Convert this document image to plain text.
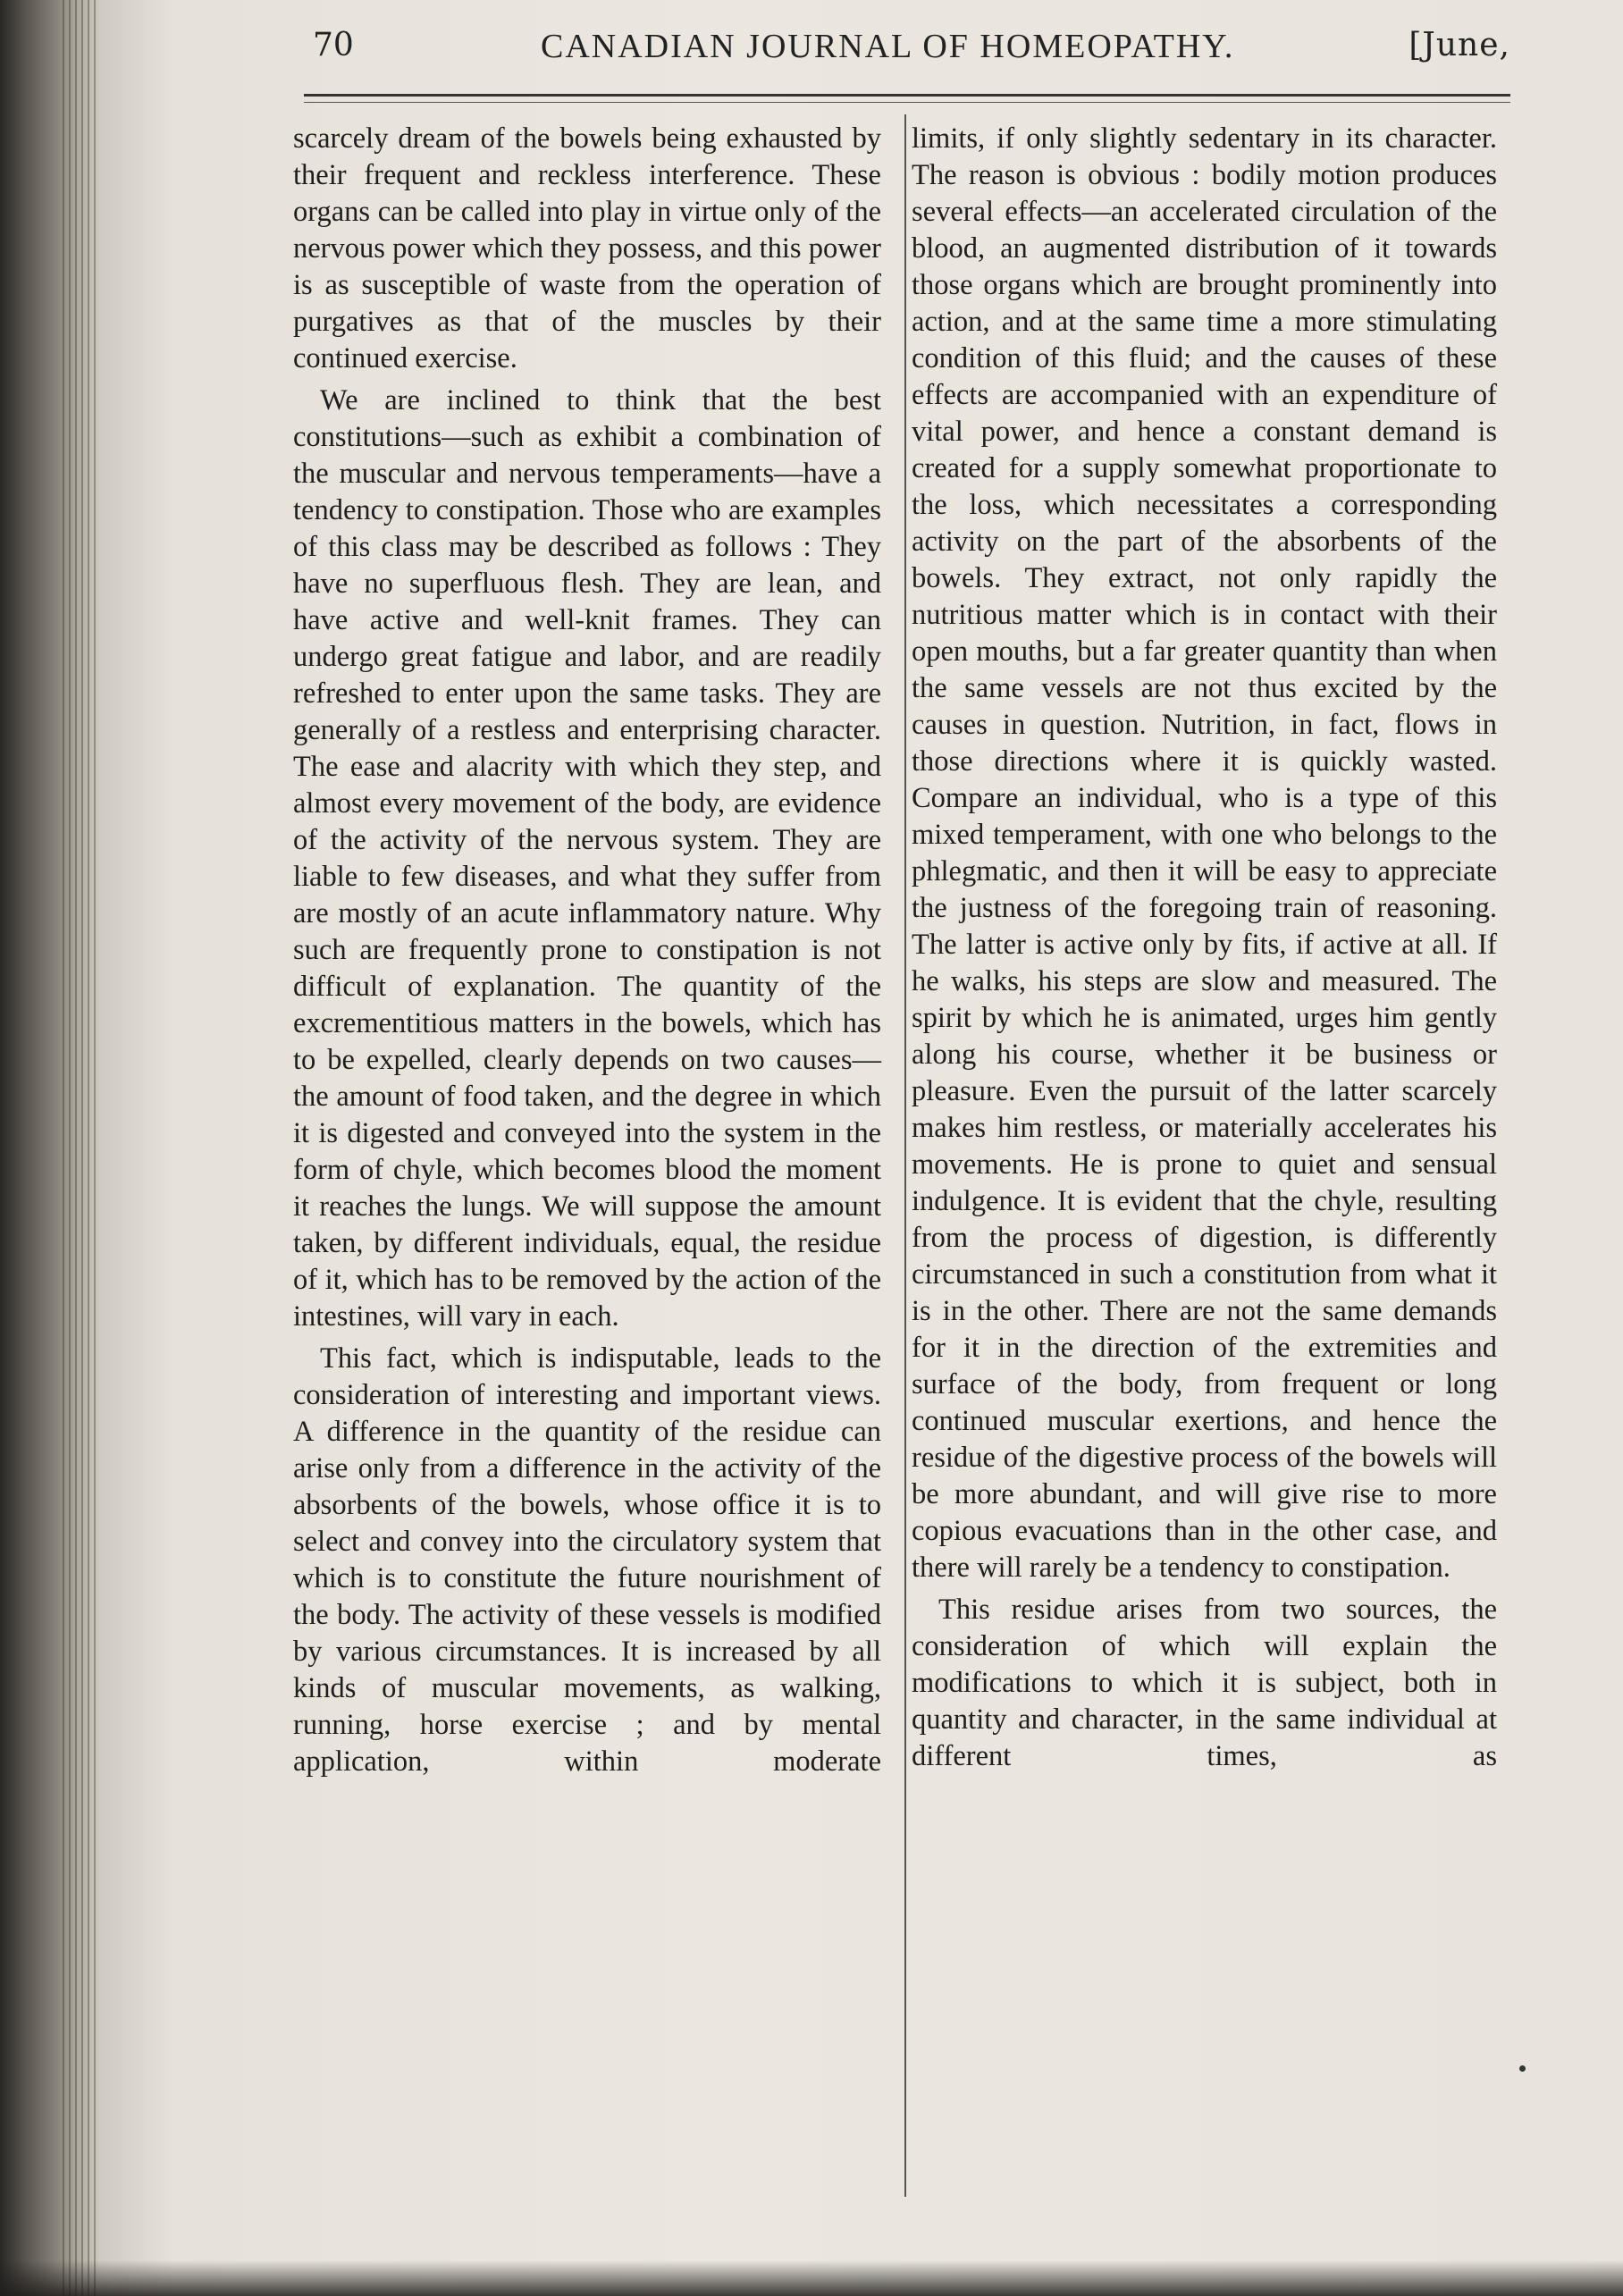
70	CANADIAN JOURNAL OF HOMEOPATHY.	[June,

scarcely dream of the bowels being exhausted by their frequent and reckless interference. These organs can be called into play in virtue only of the nervous power which they possess, and this power is as susceptible of waste from the operation of purgatives as that of the muscles by their continued exercise.

We are inclined to think that the best constitutions—such as exhibit a combination of the muscular and nervous temperaments—have a tendency to constipation. Those who are examples of this class may be described as follows : They have no superfluous flesh. They are lean, and have active and well-knit frames. They can undergo great fatigue and labor, and are readily refreshed to enter upon the same tasks. They are generally of a restless and enterprising character. The ease and alacrity with which they step, and almost every movement of the body, are evidence of the activity of the nervous system. They are liable to few diseases, and what they suffer from are mostly of an acute inflammatory nature. Why such are frequently prone to constipation is not difficult of explanation. The quantity of the excrementitious matters in the bowels, which has to be expelled, clearly depends on two causes—the amount of food taken, and the degree in which it is digested and conveyed into the system in the form of chyle, which becomes blood the moment it reaches the lungs. We will suppose the amount taken, by different individuals, equal, the residue of it, which has to be removed by the action of the intestines, will vary in each.

This fact, which is indisputable, leads to the consideration of interesting and important views. A difference in the quantity of the residue can arise only from a difference in the activity of the absorbents of the bowels, whose office it is to select and convey into the circulatory system that which is to constitute the future nourishment of the body. The activity of these vessels is modified by various circumstances. It is increased by all kinds of muscular movements, as walking, running, horse exercise ; and by mental application, within moderate

limits, if only slightly sedentary in its character. The reason is obvious : bodily motion produces several effects—an accelerated circulation of the blood, an augmented distribution of it towards those organs which are brought prominently into action, and at the same time a more stimulating condition of this fluid; and the causes of these effects are accompanied with an expenditure of vital power, and hence a constant demand is created for a supply somewhat proportionate to the loss, which necessitates a corresponding activity on the part of the absorbents of the bowels. They extract, not only rapidly the nutritious matter which is in contact with their open mouths, but a far greater quantity than when the same vessels are not thus excited by the causes in question. Nutrition, in fact, flows in those directions where it is quickly wasted. Compare an individual, who is a type of this mixed temperament, with one who belongs to the phlegmatic, and then it will be easy to appreciate the justness of the foregoing train of reasoning. The latter is active only by fits, if active at all. If he walks, his steps are slow and measured. The spirit by which he is animated, urges him gently along his course, whether it be business or pleasure. Even the pursuit of the latter scarcely makes him restless, or materially accelerates his movements. He is prone to quiet and sensual indulgence. It is evident that the chyle, resulting from the process of digestion, is differently circumstanced in such a constitution from what it is in the other. There are not the same demands for it in the direction of the extremities and surface of the body, from frequent or long continued muscular exertions, and hence the residue of the digestive process of the bowels will be more abundant, and will give rise to more copious evacuations than in the other case, and there will rarely be a tendency to constipation.

This residue arises from two sources, the consideration of which will explain the modifications to which it is subject, both in quantity and character, in the same individual at different times, as
